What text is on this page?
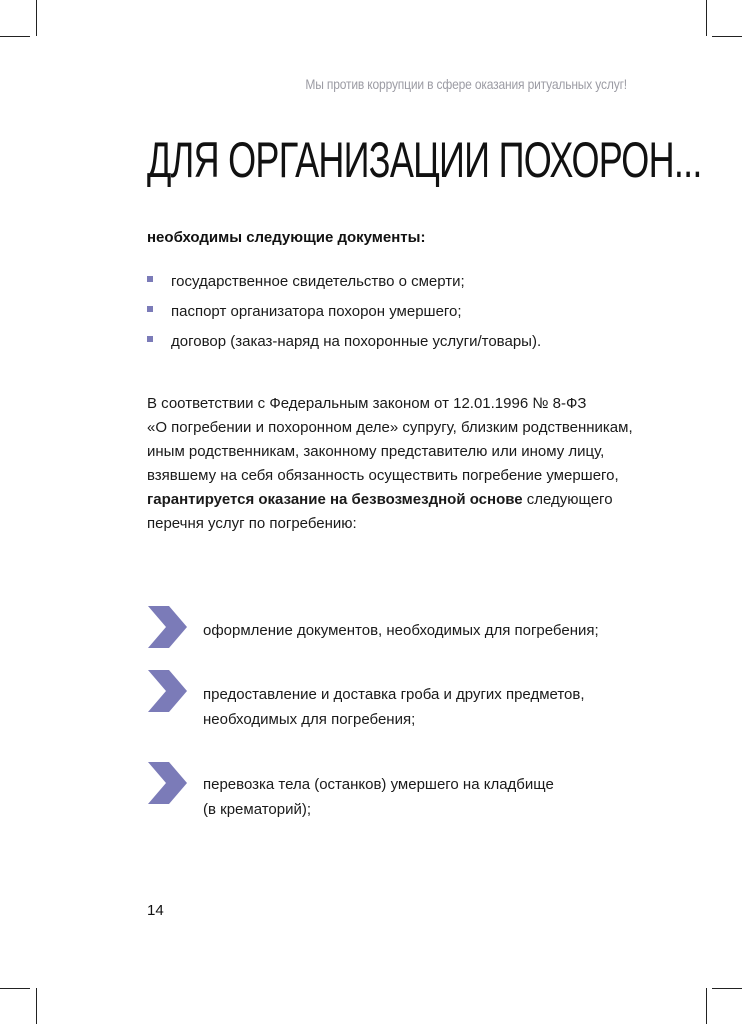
Мы против коррупции в сфере оказания ритуальных услуг!
ДЛЯ ОРГАНИЗАЦИИ ПОХОРОН...
необходимы следующие документы:
государственное свидетельство о смерти;
паспорт организатора похорон умершего;
договор (заказ-наряд на похоронные услуги/товары).
В соответствии с Федеральным законом от 12.01.1996 № 8-ФЗ
«О погребении и похоронном деле» супругу, близким родственникам,
иным родственникам, законному представителю или иному лицу,
взявшему на себя обязанность осуществить погребение умершего,
гарантируется оказание на безвозмездной основе следующего
перечня услуг по погребению:
оформление документов, необходимых для погребения;
предоставление и доставка гроба и других предметов,
необходимых для погребения;
перевозка тела (останков) умершего на кладбище
(в крематорий);
14
